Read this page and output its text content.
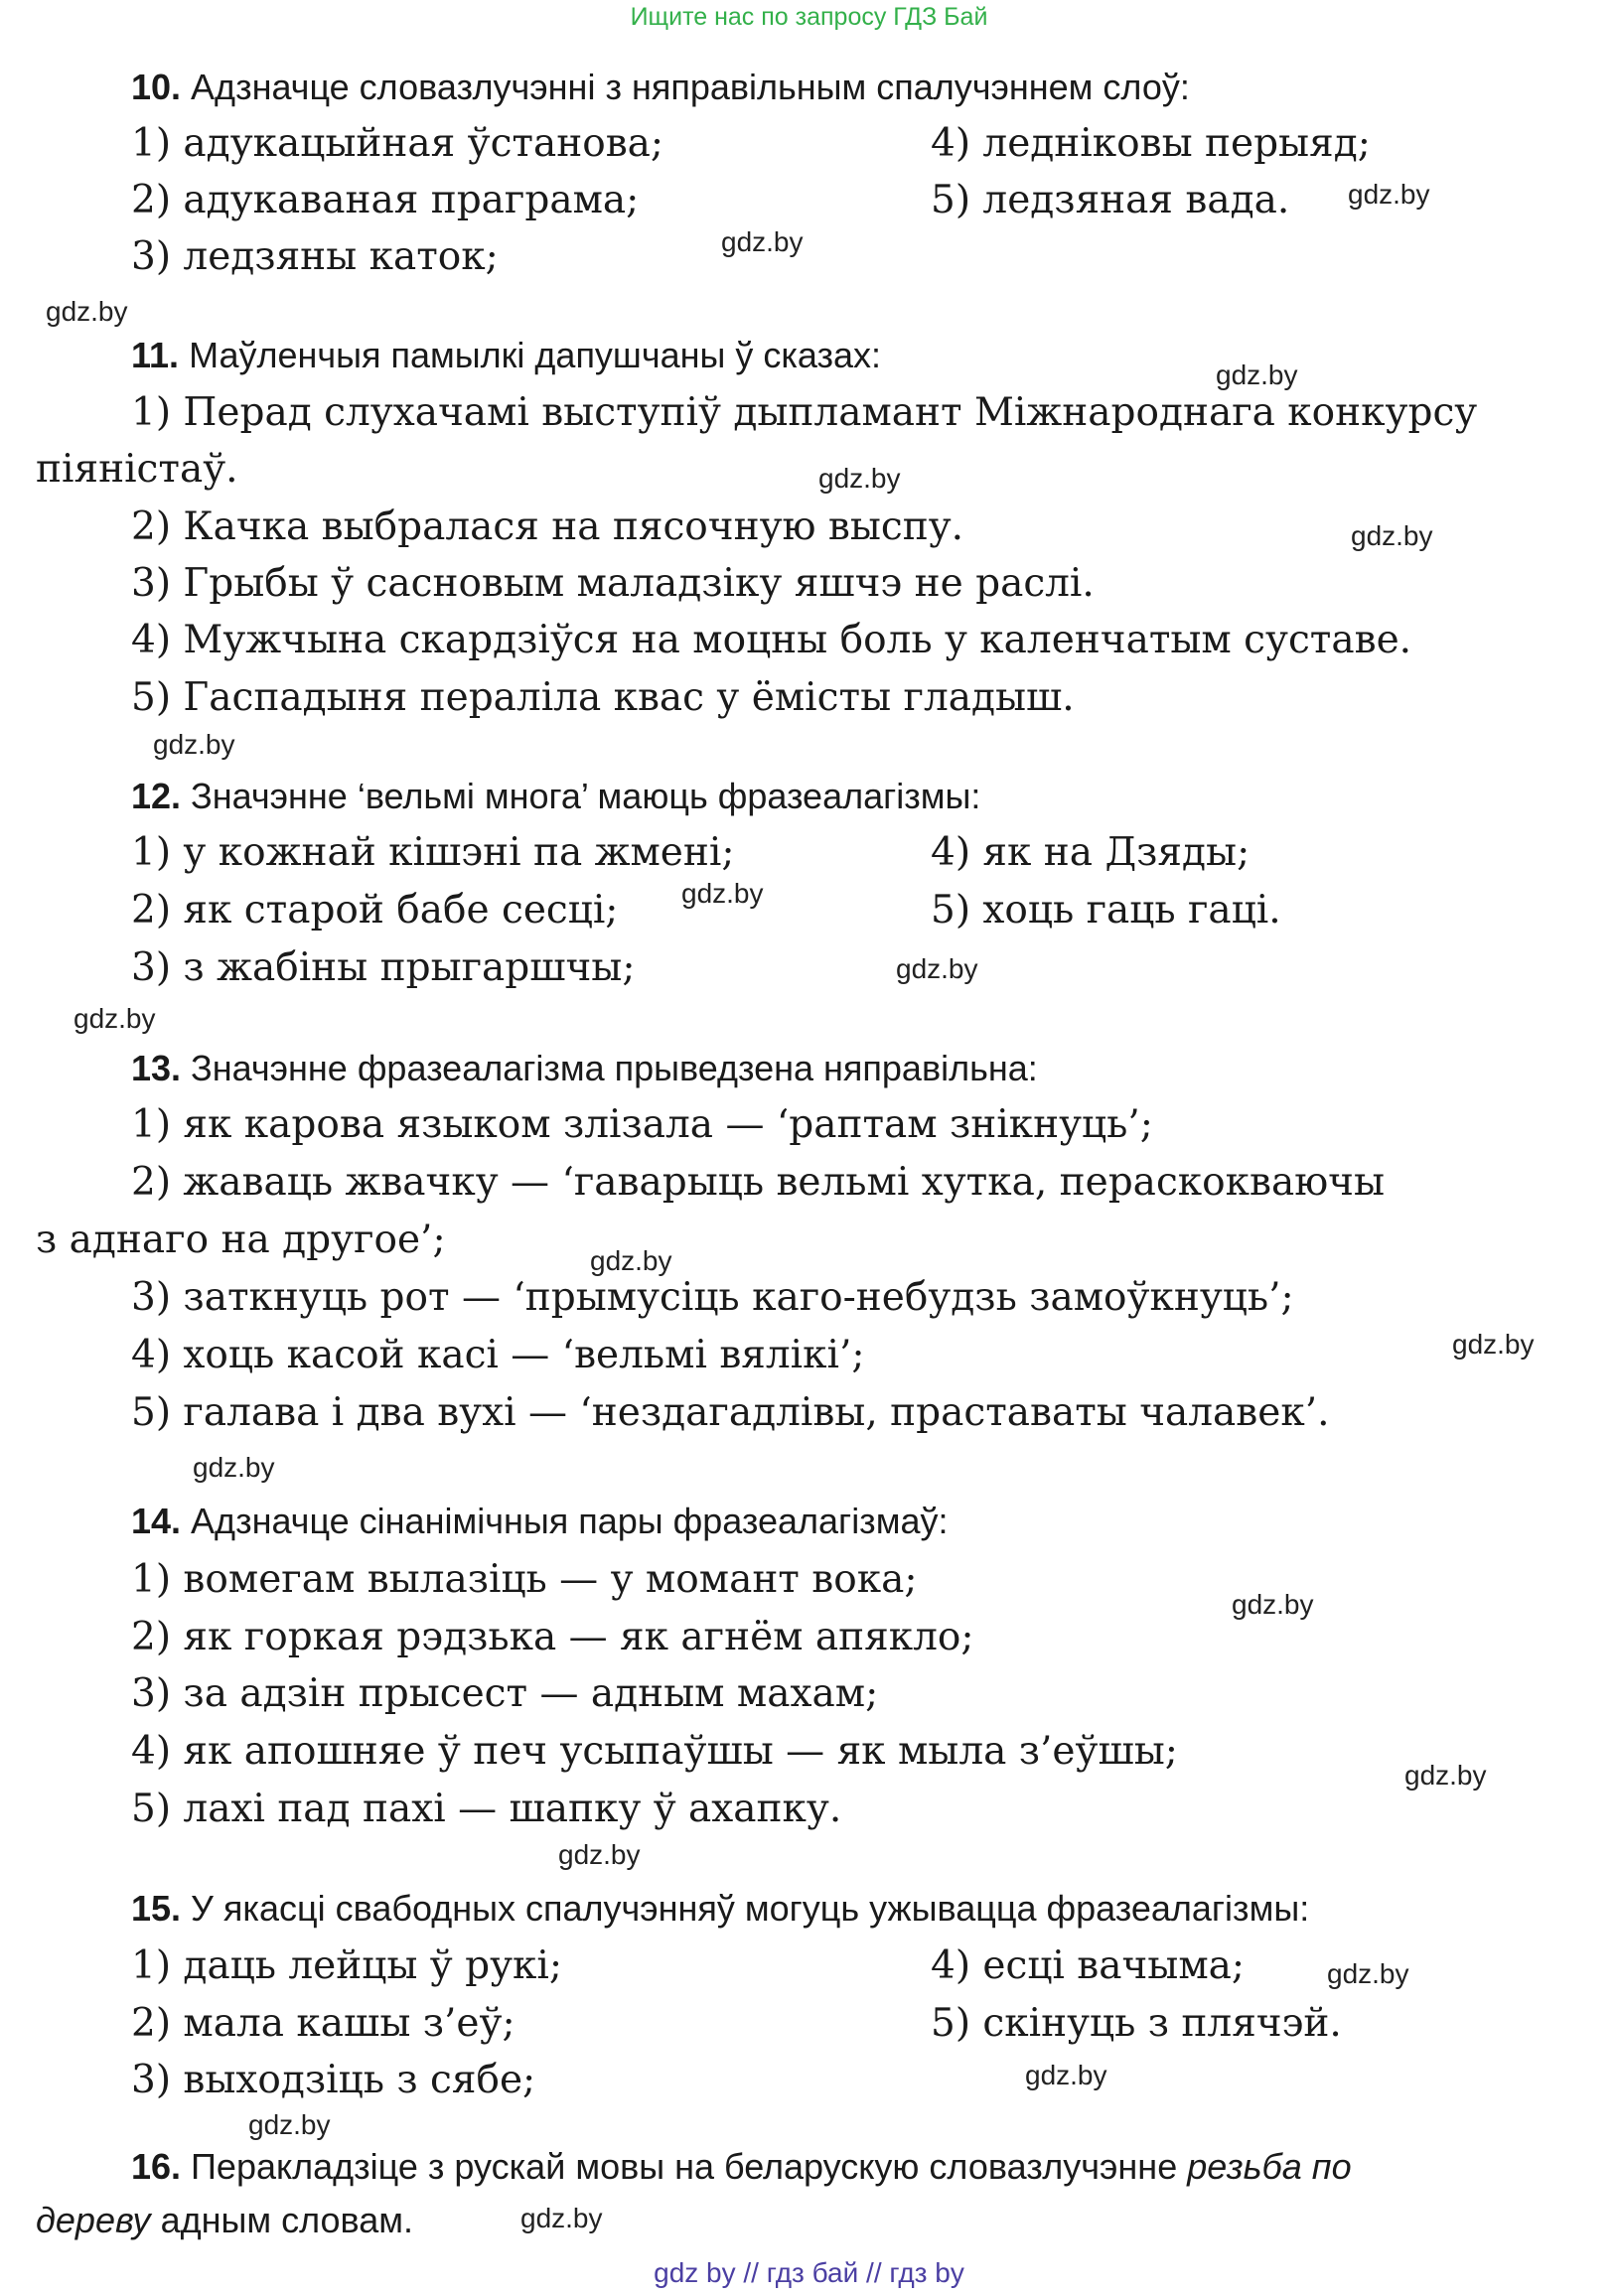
Ищите нас по запросу ГДЗ Бай
10. Адзначце словазлучэнні з няправільным спалучэннем слоў:
1) адукацыйная ўстанова;	4) ледніковы перыяд;
2) адукаваная праграма;	5) ледзяная вада.
3) ледзяны каток;
11. Маўленчыя памылкі дапушчаны ў сказах:
1) Перад слухачамі выступіў дыпламант Міжнароднага конкурсу
піяністаў.
2) Качка выбралася на пясочную выспу.
3) Грыбы ў сасновым маладзіку яшчэ не раслі.
4) Мужчына скардзіўся на моцны боль у каленчатым суставе.
5) Гаспадыня пераліла квас у ёмісты гладыш.
12. Значэнне ‘вельмі многа’ маюць фразеалагізмы:
1) у кожнай кішэні па жмені;	4) як на Дзяды;
2) як старой бабе сесці;	5) хоць гаць гаці.
3) з жабіны прыгаршчы;
13. Значэнне фразеалагізма прыведзена няправільна:
1) як карова языком злізала — ‘раптам знікнуць’;
2) жаваць жвачку — ‘гаварыць вельмі хутка, пераскокваючы
з аднаго на другое’;
3) заткнуць рот — ‘прымусіць каго-небудзь замоўкнуць’;
4) хоць касой касі — ‘вельмі вялікі’;
5) галава і два вухі — ‘нездагадлівы, праставаты чалавек’.
14. Адзначце сінанімічныя пары фразеалагізмаў:
1) вомегам вылазіць — у момант вока;
2) як горкая рэдзька — як агнём апякло;
3) за адзін прысест — адным махам;
4) як апошняе ў печ усыпаўшы — як мыла з’еўшы;
5) лахі пад пахі — шапку ў ахапку.
15. У якасці свабодных спалучэнняў могуць ужывацца фразеалагізмы:
1) даць лейцы ў рукі;	4) есці вачыма;
2) мала кашы з’еў;	5) скінуць з плячэй.
3) выходзіць з сябе;
16. Перакладзіце з рускай мовы на беларускую словазлучэнне резьба по
дереву адным словам.
gdz.by
gdz.by
gdz.by
gdz.by
gdz.by
gdz.by
gdz.by
gdz.by
gdz.by
gdz.by
gdz.by
gdz.by
gdz.by
gdz.by
gdz.by
gdz.by
gdz.by
gdz.by
gdz.by
gdz.by
gdz by // гдз бай // гдз by
